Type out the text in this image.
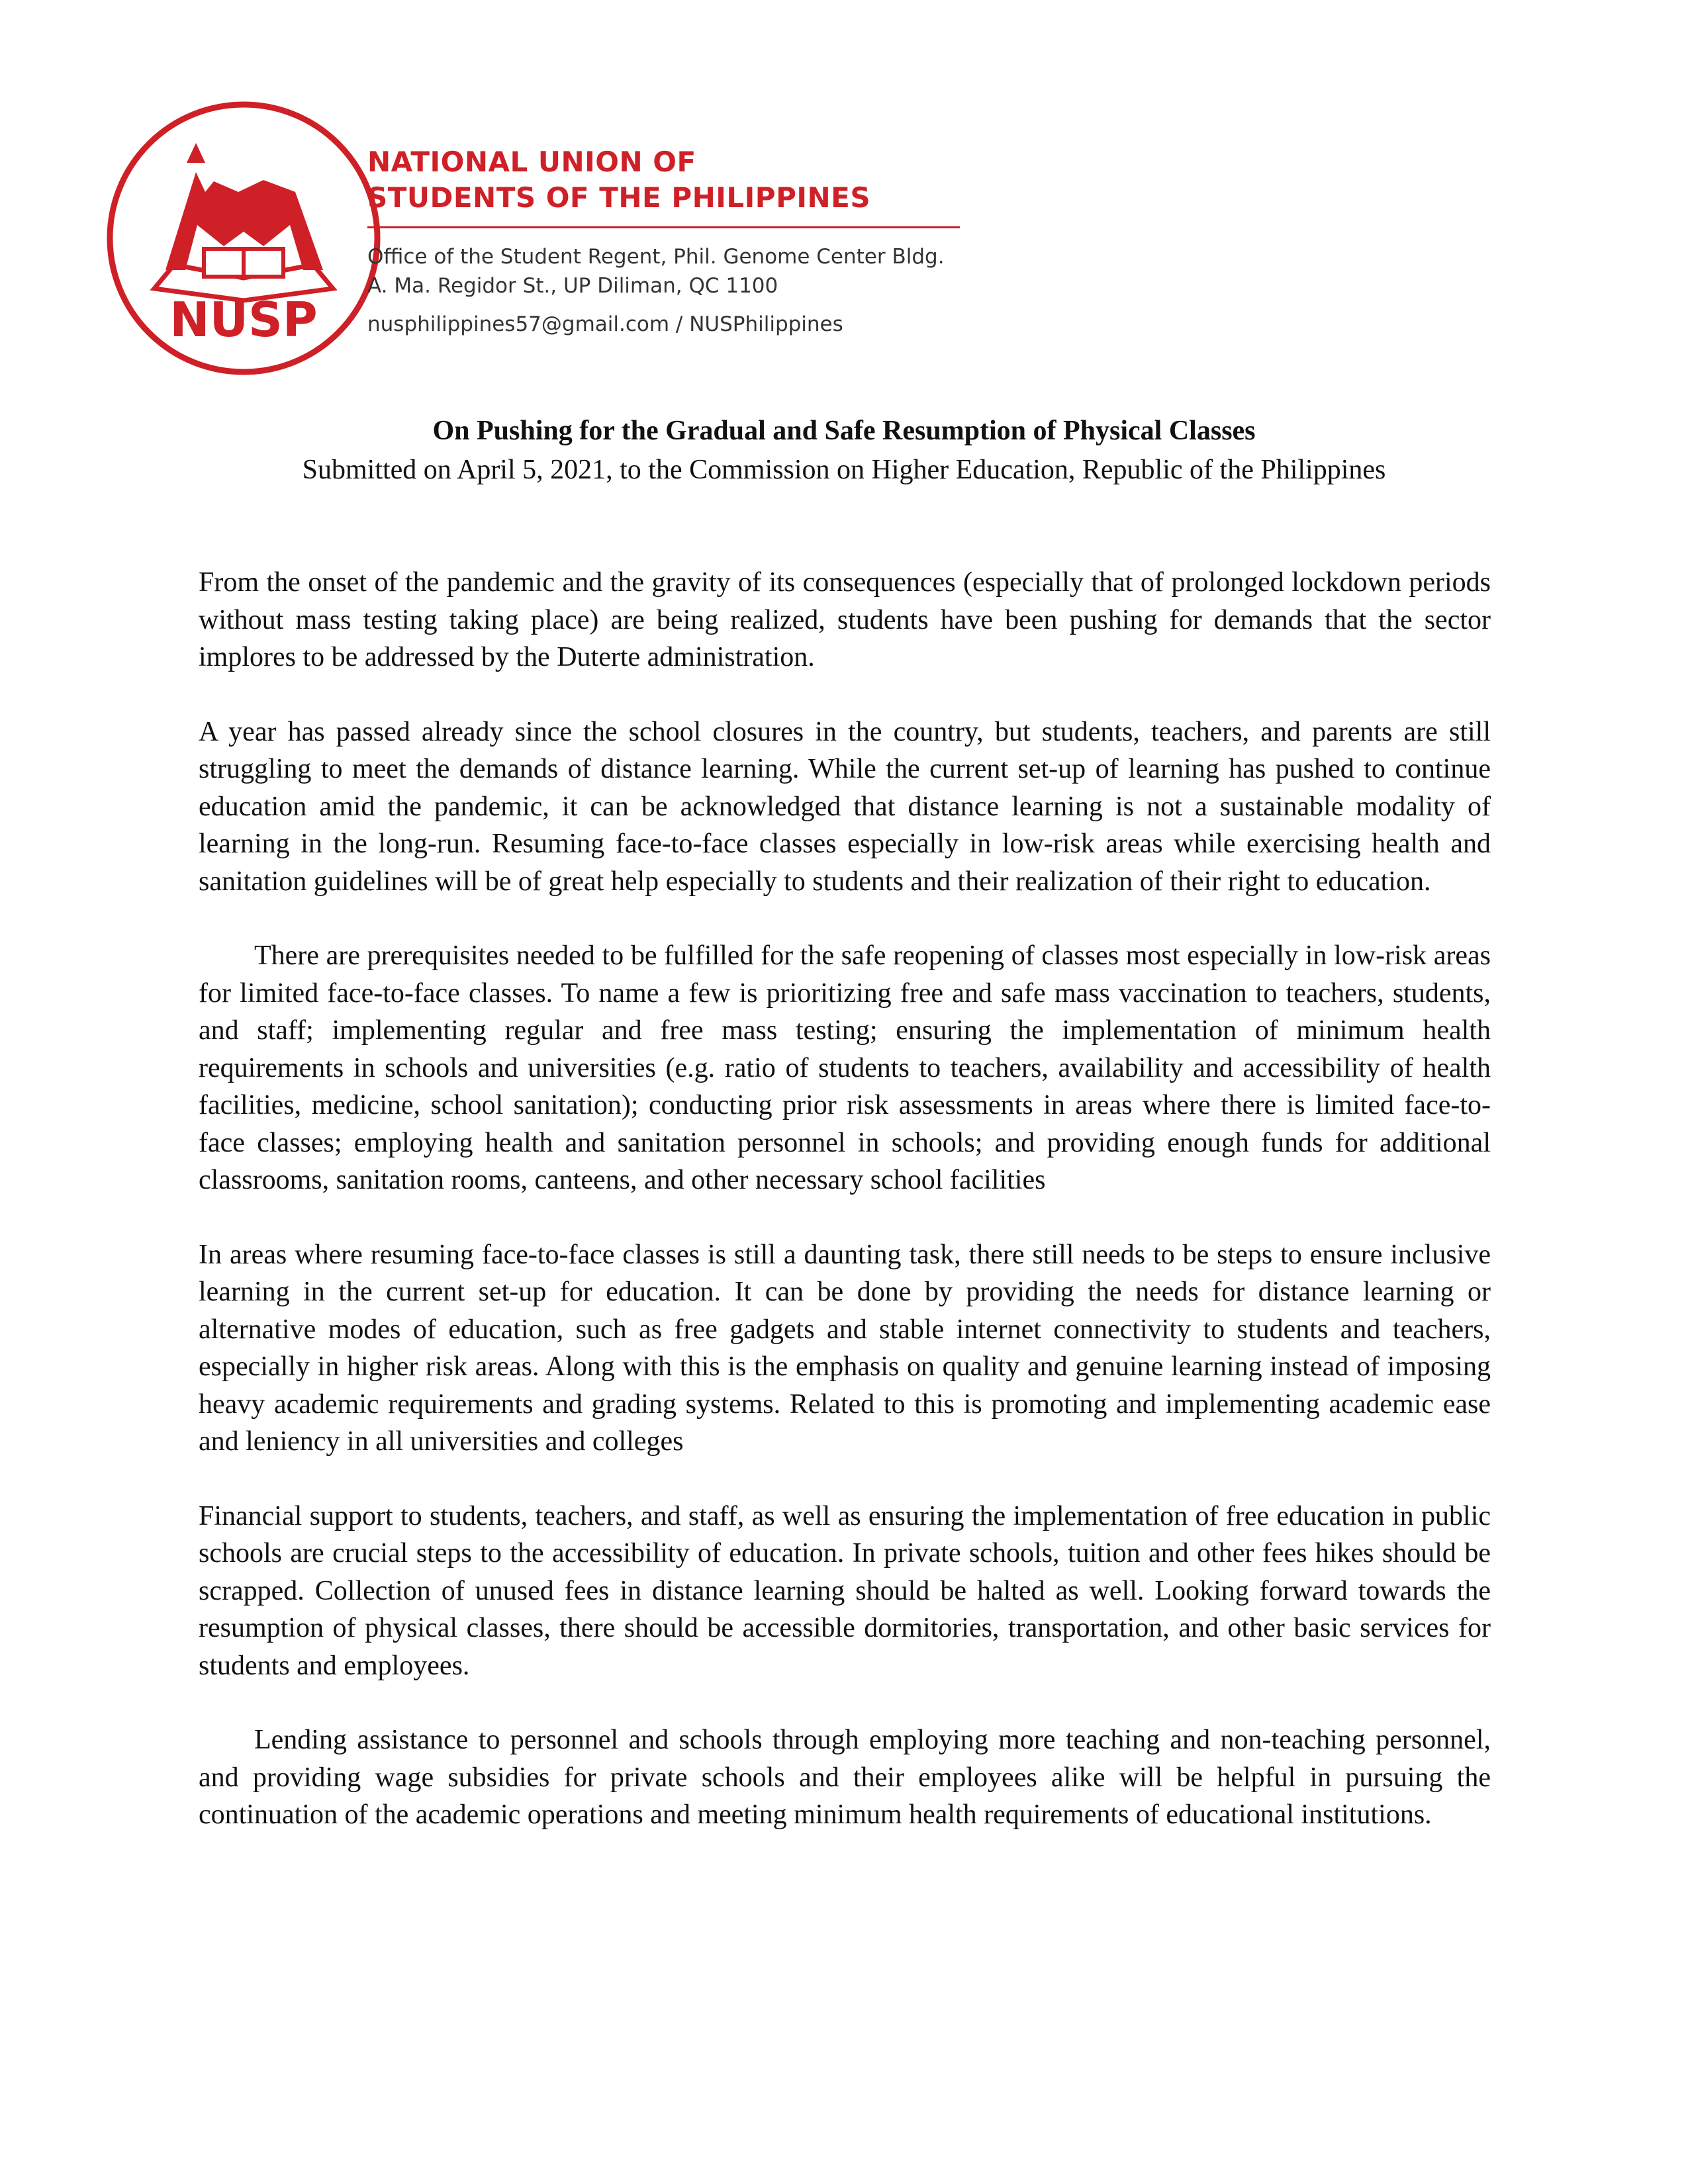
NUSP
NATIONAL UNION OF
STUDENTS OF THE PHILIPPINES
Office of the Student Regent, Phil. Genome Center Bldg.
A. Ma. Regidor St., UP Diliman, QC 1100
nusphilippines57@gmail.com / NUSPhilippines
On Pushing for the Gradual and Safe Resumption of Physical Classes
Submitted on April 5, 2021, to the Commission on Higher Education, Republic of the Philippines

From the onset of the pandemic and the gravity of its consequences (especially that of prolonged lockdown periods without mass testing taking place) are being realized, students have been pushing for demands that the sector implores to be addressed by the Duterte administration.

A year has passed already since the school closures in the country, but students, teachers, and parents are still struggling to meet the demands of distance learning. While the current set-up of learning has pushed to continue education amid the pandemic, it can be acknowledged that distance learning is not a sustainable modality of learning in the long-run. Resuming face-to-face classes especially in low-risk areas while exercising health and sanitation guidelines will be of great help especially to students and their realization of their right to education.

There are prerequisites needed to be fulfilled for the safe reopening of classes most especially in low-risk areas for limited face-to-face classes. To name a few is prioritizing free and safe mass vaccination to teachers, students, and staff; implementing regular and free mass testing; ensuring the implementation of minimum health requirements in schools and universities (e.g. ratio of students to teachers, availability and accessibility of health facilities, medicine, school sanitation); conducting prior risk assessments in areas where there is limited face-to-face classes; employing health and sanitation personnel in schools; and providing enough funds for additional classrooms, sanitation rooms, canteens, and other necessary school facilities

In areas where resuming face-to-face classes is still a daunting task, there still needs to be steps to ensure inclusive learning in the current set-up for education. It can be done by providing the needs for distance learning or alternative modes of education, such as free gadgets and stable internet connectivity to students and teachers, especially in higher risk areas. Along with this is the emphasis on quality and genuine learning instead of imposing heavy academic requirements and grading systems. Related to this is promoting and implementing academic ease and leniency in all universities and colleges

Financial support to students, teachers, and staff, as well as ensuring the implementation of free education in public schools are crucial steps to the accessibility of education. In private schools, tuition and other fees hikes should be scrapped. Collection of unused fees in distance learning should be halted as well. Looking forward towards the resumption of physical classes, there should be accessible dormitories, transportation, and other basic services for students and employees.

Lending assistance to personnel and schools through employing more teaching and non-teaching personnel, and providing wage subsidies for private schools and their employees alike will be helpful in pursuing the continuation of the academic operations and meeting minimum health requirements of educational institutions.
